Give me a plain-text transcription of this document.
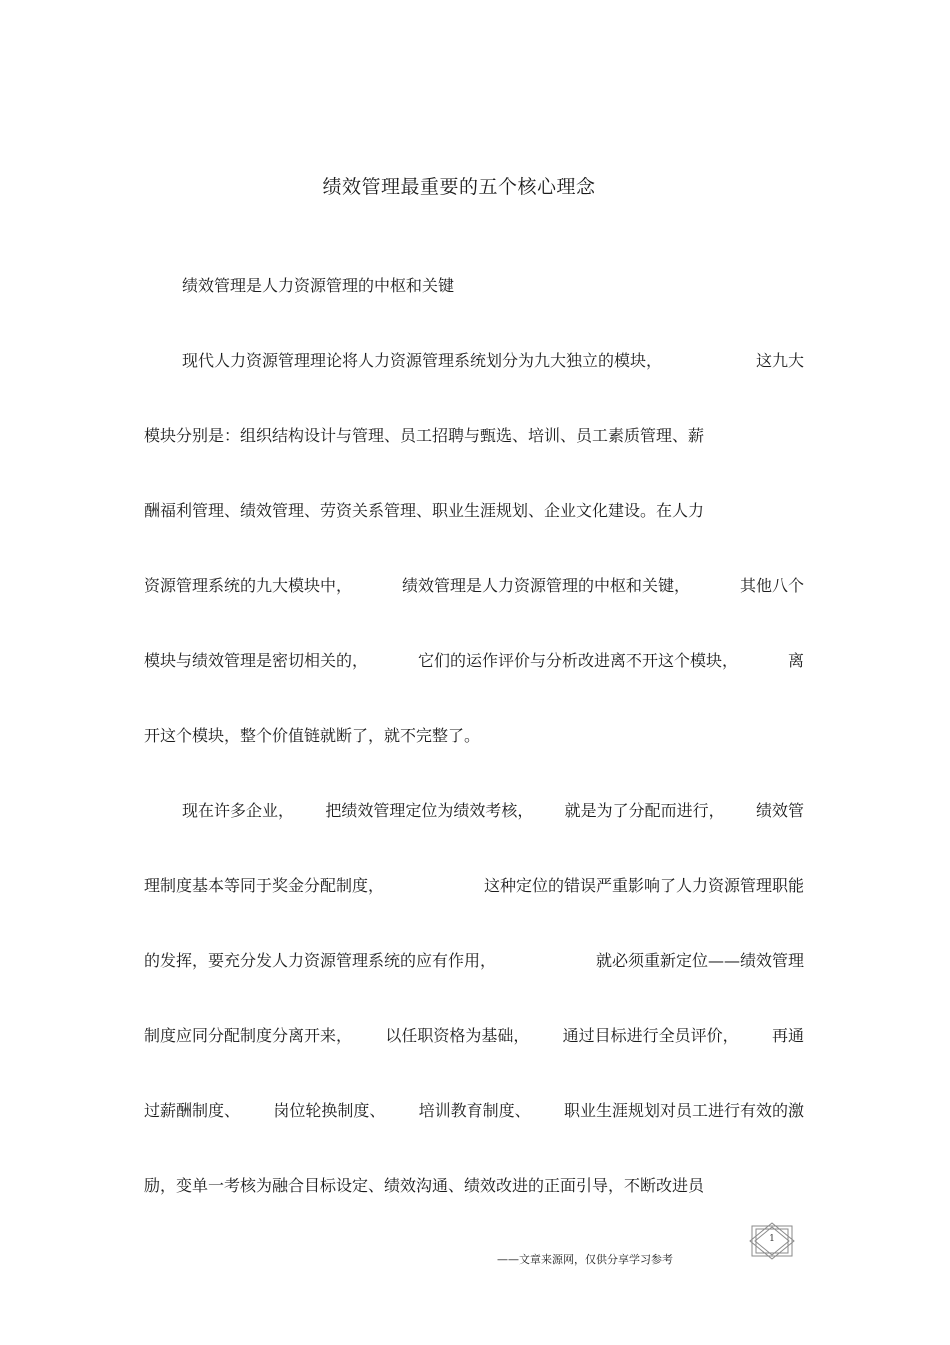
绩效管理最重要的五个核心理念
绩效管理是人力资源管理的中枢和关键
现代人力资源管理理论将人力资源管理系统划分为九大独立的模块，	这九大
模块分别是：组织结构设计与管理、员工招聘与甄选、培训、员工素质管理、薪
酬福利管理、绩效管理、劳资关系管理、职业生涯规划、企业文化建设。在人力
资源管理系统的九大模块中，	绩效管理是人力资源管理的中枢和关键，	其他八个
模块与绩效管理是密切相关的，	它们的运作评价与分析改进离不开这个模块，	离
开这个模块，整个价值链就断了，就不完整了。
现在许多企业， 把绩效管理定位为绩效考核， 就是为了分配而进行， 绩效管
理制度基本等同于奖金分配制度，	这种定位的错误严重影响了人力资源管理职能
的发挥，要充分发人力资源管理系统的应有作用，	就必须重新定位——绩效管理
制度应同分配制度分离开来， 以任职资格为基础， 通过目标进行全员评价， 再通
过薪酬制度、 岗位轮换制度、 培训教育制度、 职业生涯规划对员工进行有效的激
励，变单一考核为融合目标设定、绩效沟通、绩效改进的正面引导，不断改进员
——文章来源网，仅供分享学习参考
1
